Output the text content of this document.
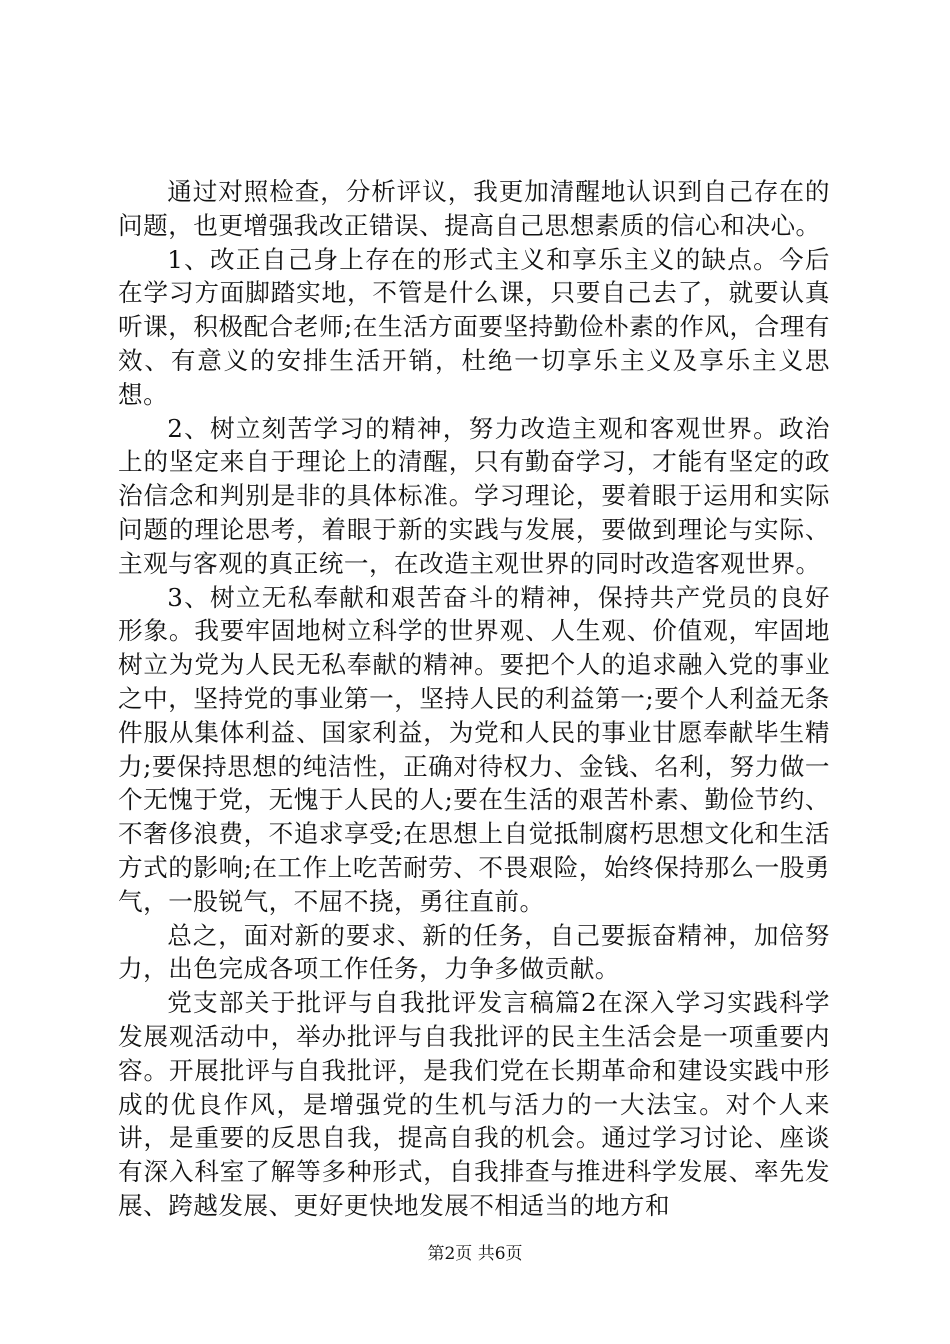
通过对照检查，分析评议，我更加清醒地认识到自己存在的问题，也更增强我改正错误、提高自己思想素质的信心和决心。

1、改正自己身上存在的形式主义和享乐主义的缺点。今后在学习方面脚踏实地，不管是什么课，只要自己去了，就要认真听课，积极配合老师;在生活方面要坚持勤俭朴素的作风，合理有效、有意义的安排生活开销，杜绝一切享乐主义及享乐主义思想。

2、树立刻苦学习的精神，努力改造主观和客观世界。政治上的坚定来自于理论上的清醒，只有勤奋学习，才能有坚定的政治信念和判别是非的具体标准。学习理论，要着眼于运用和实际问题的理论思考，着眼于新的实践与发展，要做到理论与实际、主观与客观的真正统一，在改造主观世界的同时改造客观世界。

3、树立无私奉献和艰苦奋斗的精神，保持共产党员的良好形象。我要牢固地树立科学的世界观、人生观、价值观，牢固地树立为党为人民无私奉献的精神。要把个人的追求融入党的事业之中，坚持党的事业第一，坚持人民的利益第一;要个人利益无条件服从集体利益、国家利益，为党和人民的事业甘愿奉献毕生精力;要保持思想的纯洁性，正确对待权力、金钱、名利，努力做一个无愧于党，无愧于人民的人;要在生活的艰苦朴素、勤俭节约、不奢侈浪费，不追求享受;在思想上自觉抵制腐朽思想文化和生活方式的影响;在工作上吃苦耐劳、不畏艰险，始终保持那么一股勇气，一股锐气，不屈不挠，勇往直前。

总之，面对新的要求、新的任务，自己要振奋精神，加倍努力，出色完成各项工作任务，力争多做贡献。

党支部关于批评与自我批评发言稿篇2在深入学习实践科学发展观活动中，举办批评与自我批评的民主生活会是一项重要内容。开展批评与自我批评，是我们党在长期革命和建设实践中形成的优良作风，是增强党的生机与活力的一大法宝。对个人来讲，是重要的反思自我，提高自我的机会。通过学习讨论、座谈有深入科室了解等多种形式，自我排查与推进科学发展、率先发展、跨越发展、更好更快地发展不相适当的地方和

第2页 共6页
